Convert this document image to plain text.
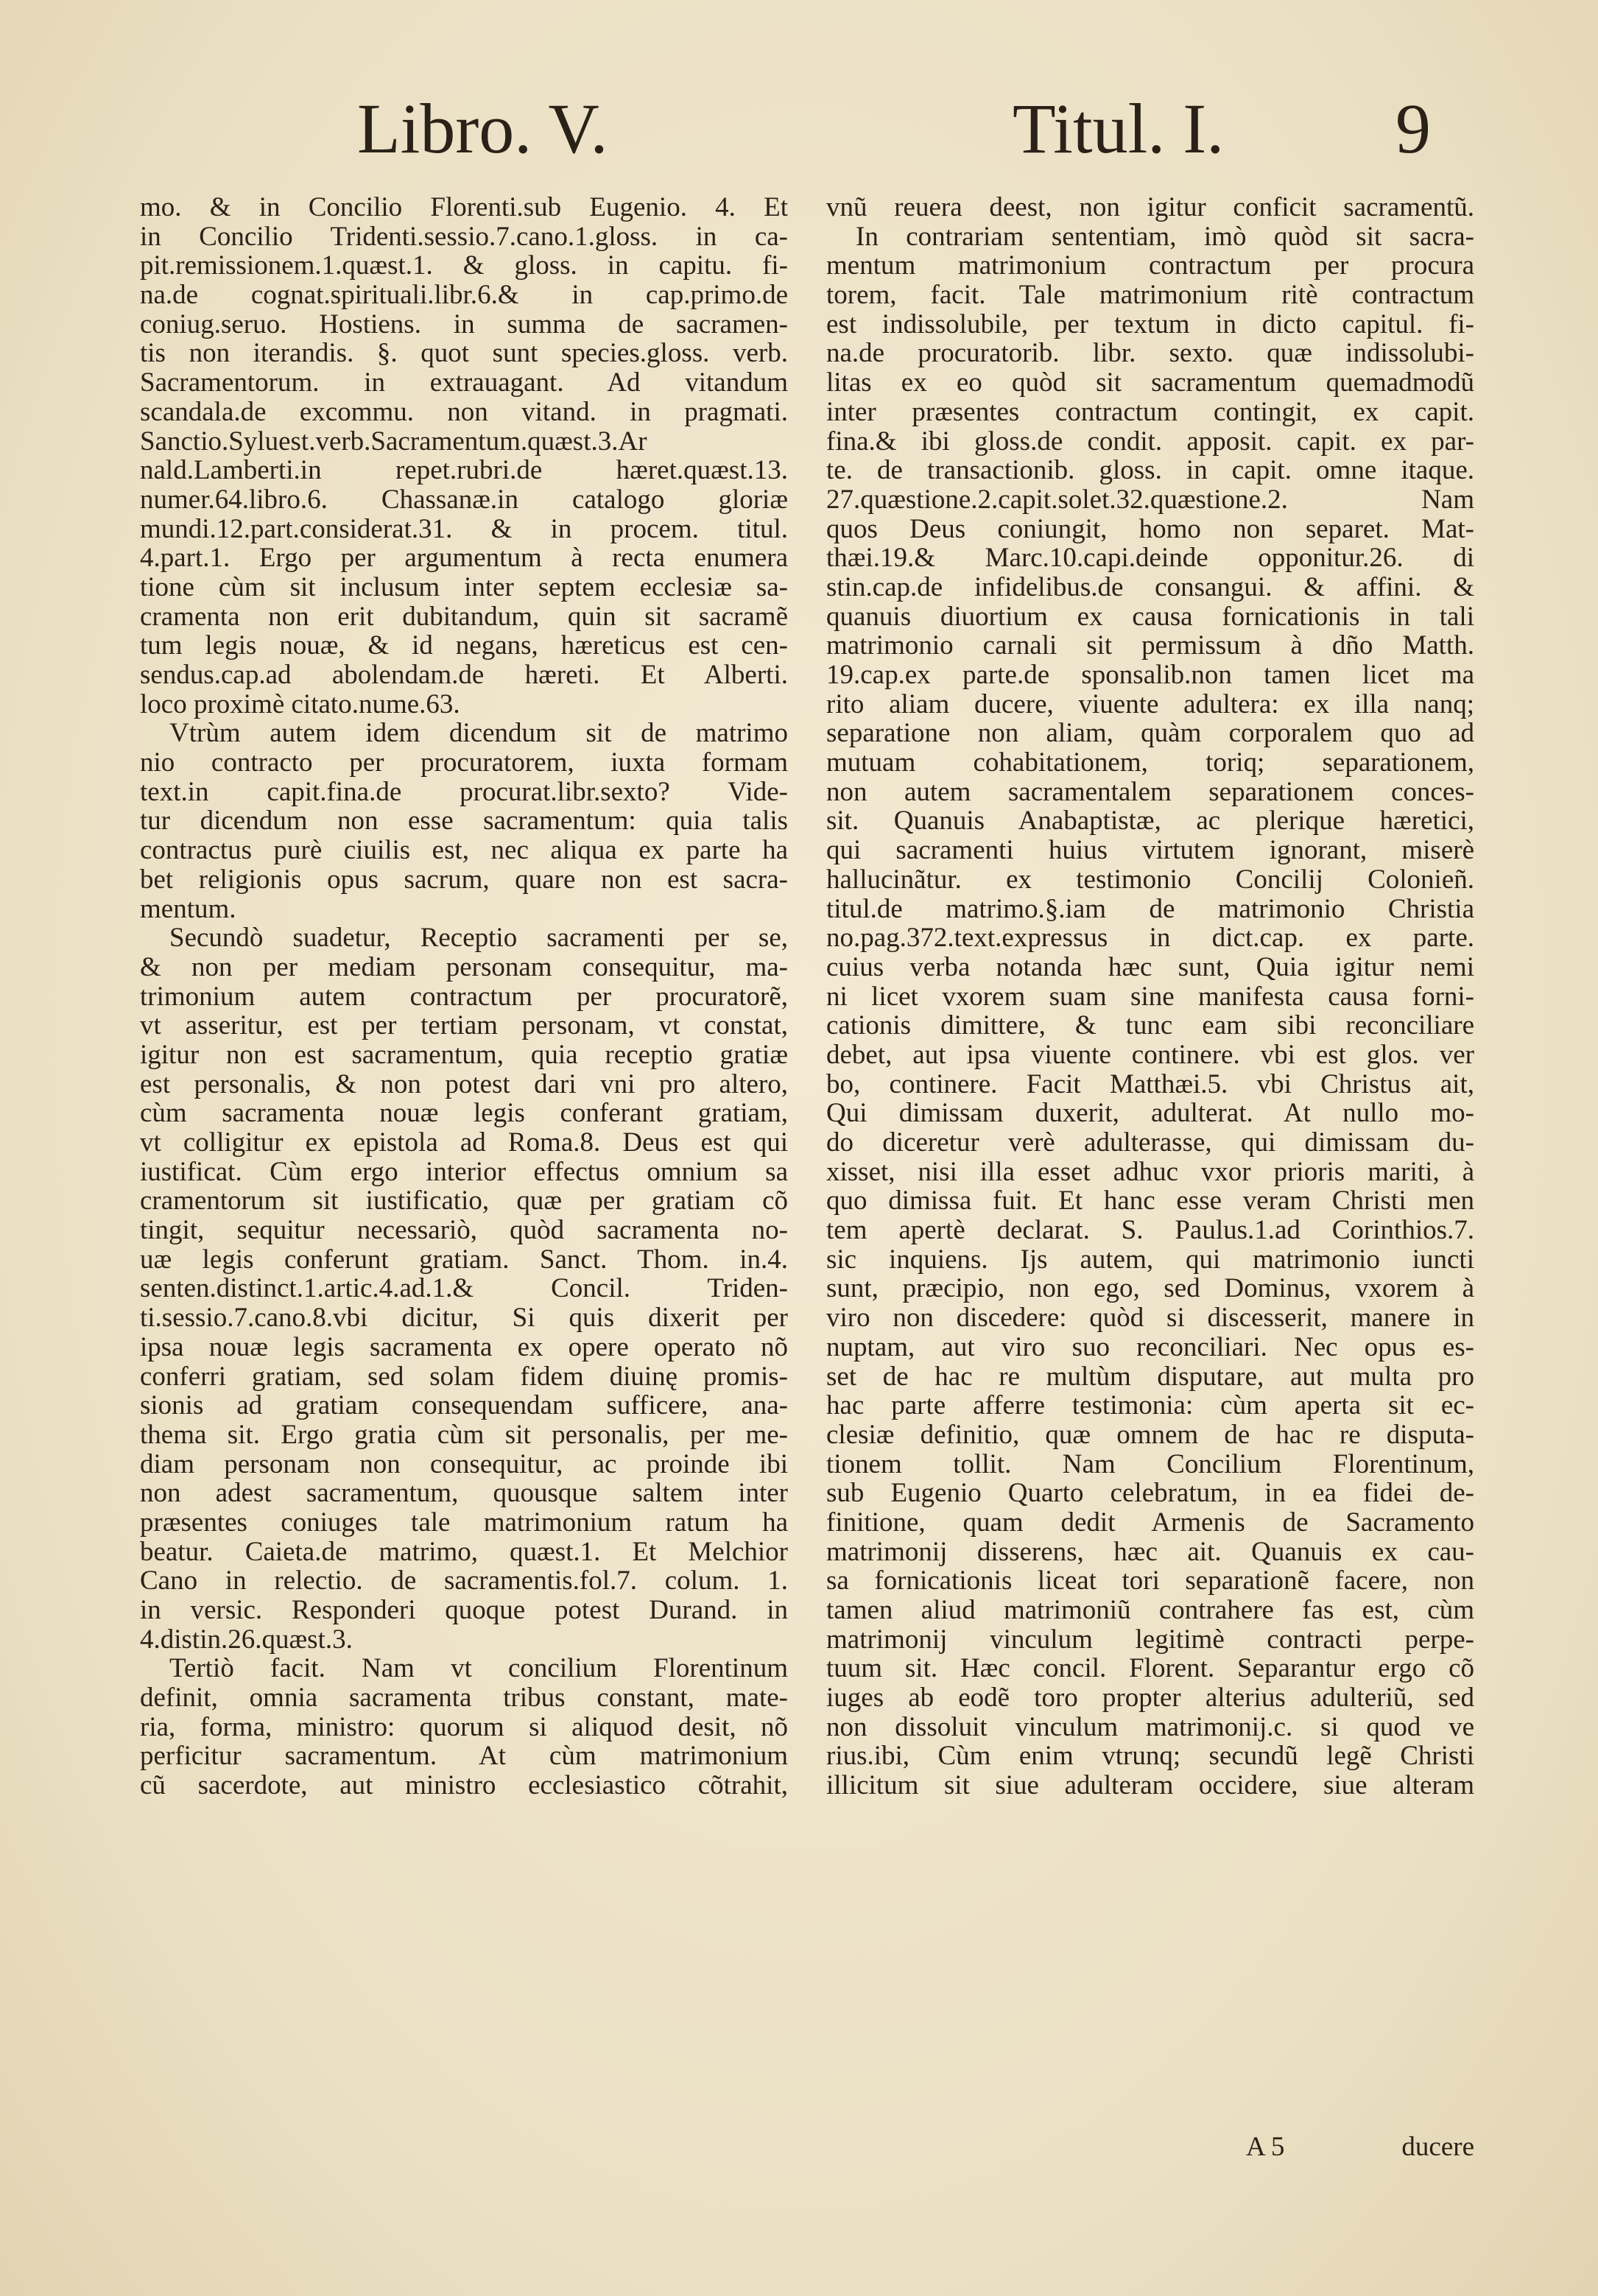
Libro. V.	Titul. I. 9
mo. & in Concilio Florenti.sub Eugenio. 4. Et
in Concilio Tridenti.sessio.7.cano.1.gloss. in ca-
pit.remissionem.1.quæst.1. & gloss. in capitu. fi-
na.de cognat.spirituali.libr.6.& in cap.primo.de
coniug.seruo. Hostiens. in summa de sacramen-
tis non iterandis. §. quot sunt species.gloss. verb.
Sacramentorum. in extrauagant. Ad vitandum
scandala.de excommu. non vitand. in pragmati.
Sanctio.Syluest.verb.Sacramentum.quæst.3.Ar
nald.Lamberti.in repet.rubri.de hæret.quæst.13.
numer.64.libro.6. Chassanæ.in catalogo gloriæ
mundi.12.part.considerat.31. & in procem. titul.
4.part.1. Ergo per argumentum à recta enumera
tione cùm sit inclusum inter septem ecclesiæ sa-
cramenta non erit dubitandum, quin sit sacramẽ
tum legis nouæ, & id negans, hæreticus est cen-
sendus.cap.ad abolendam.de hæreti. Et Alberti.
loco proximè citato.nume.63.
Vtrùm autem idem dicendum sit de matrimo
nio contracto per procuratorem, iuxta formam
text.in capit.fina.de procurat.libr.sexto? Vide-
tur dicendum non esse sacramentum: quia talis
contractus purè ciuilis est, nec aliqua ex parte ha
bet religionis opus sacrum, quare non est sacra-
mentum.
Secundò suadetur, Receptio sacramenti per se,
& non per mediam personam consequitur, ma-
trimonium autem contractum per procuratorẽ,
vt asseritur, est per tertiam personam, vt constat,
igitur non est sacramentum, quia receptio gratiæ
est personalis, & non potest dari vni pro altero,
cùm sacramenta nouæ legis conferant gratiam,
vt colligitur ex epistola ad Roma.8. Deus est qui
iustificat. Cùm ergo interior effectus omnium sa
cramentorum sit iustificatio, quæ per gratiam cõ
tingit, sequitur necessariò, quòd sacramenta no-
uæ legis conferunt gratiam. Sanct. Thom. in.4.
senten.distinct.1.artic.4.ad.1.& Concil. Triden-
ti.sessio.7.cano.8.vbi dicitur, Si quis dixerit per
ipsa nouæ legis sacramenta ex opere operato nõ
conferri gratiam, sed solam fidem diuinę promis-
sionis ad gratiam consequendam sufficere, ana-
thema sit. Ergo gratia cùm sit personalis, per me-
diam personam non consequitur, ac proinde ibi
non adest sacramentum, quousque saltem inter
præsentes coniuges tale matrimonium ratum ha
beatur. Caieta.de matrimo, quæst.1. Et Melchior
Cano in relectio. de sacramentis.fol.7. colum. 1.
in versic. Responderi quoque potest Durand. in
4.distin.26.quæst.3.
Tertiò facit. Nam vt concilium Florentinum
definit, omnia sacramenta tribus constant, mate-
ria, forma, ministro: quorum si aliquod desit, nõ
perficitur sacramentum. At cùm matrimonium
cũ sacerdote, aut ministro ecclesiastico cõtrahit,
vnũ reuera deest, non igitur conficit sacramentũ.
In contrariam sententiam, imò quòd sit sacra-
mentum matrimonium contractum per procura
torem, facit. Tale matrimonium ritè contractum
est indissolubile, per textum in dicto capitul. fi-
na.de procuratorib. libr. sexto. quæ indissolubi-
litas ex eo quòd sit sacramentum quemadmodũ
inter præsentes contractum contingit, ex capit.
fina.& ibi gloss.de condit. apposit. capit. ex par-
te. de transactionib. gloss. in capit. omne itaque.
27.quæstione.2.capit.solet.32.quæstione.2. Nam
quos Deus coniungit, homo non separet. Mat-
thæi.19.& Marc.10.capi.deinde opponitur.26. di
stin.cap.de infidelibus.de consangui. & affini. &
quanuis diuortium ex causa fornicationis in tali
matrimonio carnali sit permissum à dño Matth.
19.cap.ex parte.de sponsalib.non tamen licet ma
rito aliam ducere, viuente adultera: ex illa nanq;
separatione non aliam, quàm corporalem quo ad
mutuam cohabitationem, toriq; separationem,
non autem sacramentalem separationem conces-
sit. Quanuis Anabaptistæ, ac plerique hæretici,
qui sacramenti huius virtutem ignorant, miserè
hallucinãtur. ex testimonio Concilij Colonieñ.
titul.de matrimo.§.iam de matrimonio Christia
no.pag.372.text.expressus in dict.cap. ex parte.
cuius verba notanda hæc sunt, Quia igitur nemi
ni licet vxorem suam sine manifesta causa forni-
cationis dimittere, & tunc eam sibi reconciliare
debet, aut ipsa viuente continere. vbi est glos. ver
bo, continere. Facit Matthæi.5. vbi Christus ait,
Qui dimissam duxerit, adulterat. At nullo mo-
do diceretur verè adulterasse, qui dimissam du-
xisset, nisi illa esset adhuc vxor prioris mariti, à
quo dimissa fuit. Et hanc esse veram Christi men
tem apertè declarat. S. Paulus.1.ad Corinthios.7.
sic inquiens. Ijs autem, qui matrimonio iuncti
sunt, præcipio, non ego, sed Dominus, vxorem à
viro non discedere: quòd si discesserit, manere in
nuptam, aut viro suo reconciliari. Nec opus es-
set de hac re multùm disputare, aut multa pro
hac parte afferre testimonia: cùm aperta sit ec-
clesiæ definitio, quæ omnem de hac re disputa-
tionem tollit. Nam Concilium Florentinum,
sub Eugenio Quarto celebratum, in ea fidei de-
finitione, quam dedit Armenis de Sacramento
matrimonij disserens, hæc ait. Quanuis ex cau-
sa fornicationis liceat tori separationẽ facere, non
tamen aliud matrimoniũ contrahere fas est, cùm
matrimonij vinculum legitimè contracti perpe-
tuum sit. Hæc concil. Florent. Separantur ergo cõ
iuges ab eodẽ toro propter alterius adulteriũ, sed
non dissoluit vinculum matrimonij.c. si quod ve
rius.ibi, Cùm enim vtrunq; secundũ legẽ Christi
illicitum sit siue adulteram occidere, siue alteram
A 5	ducere
